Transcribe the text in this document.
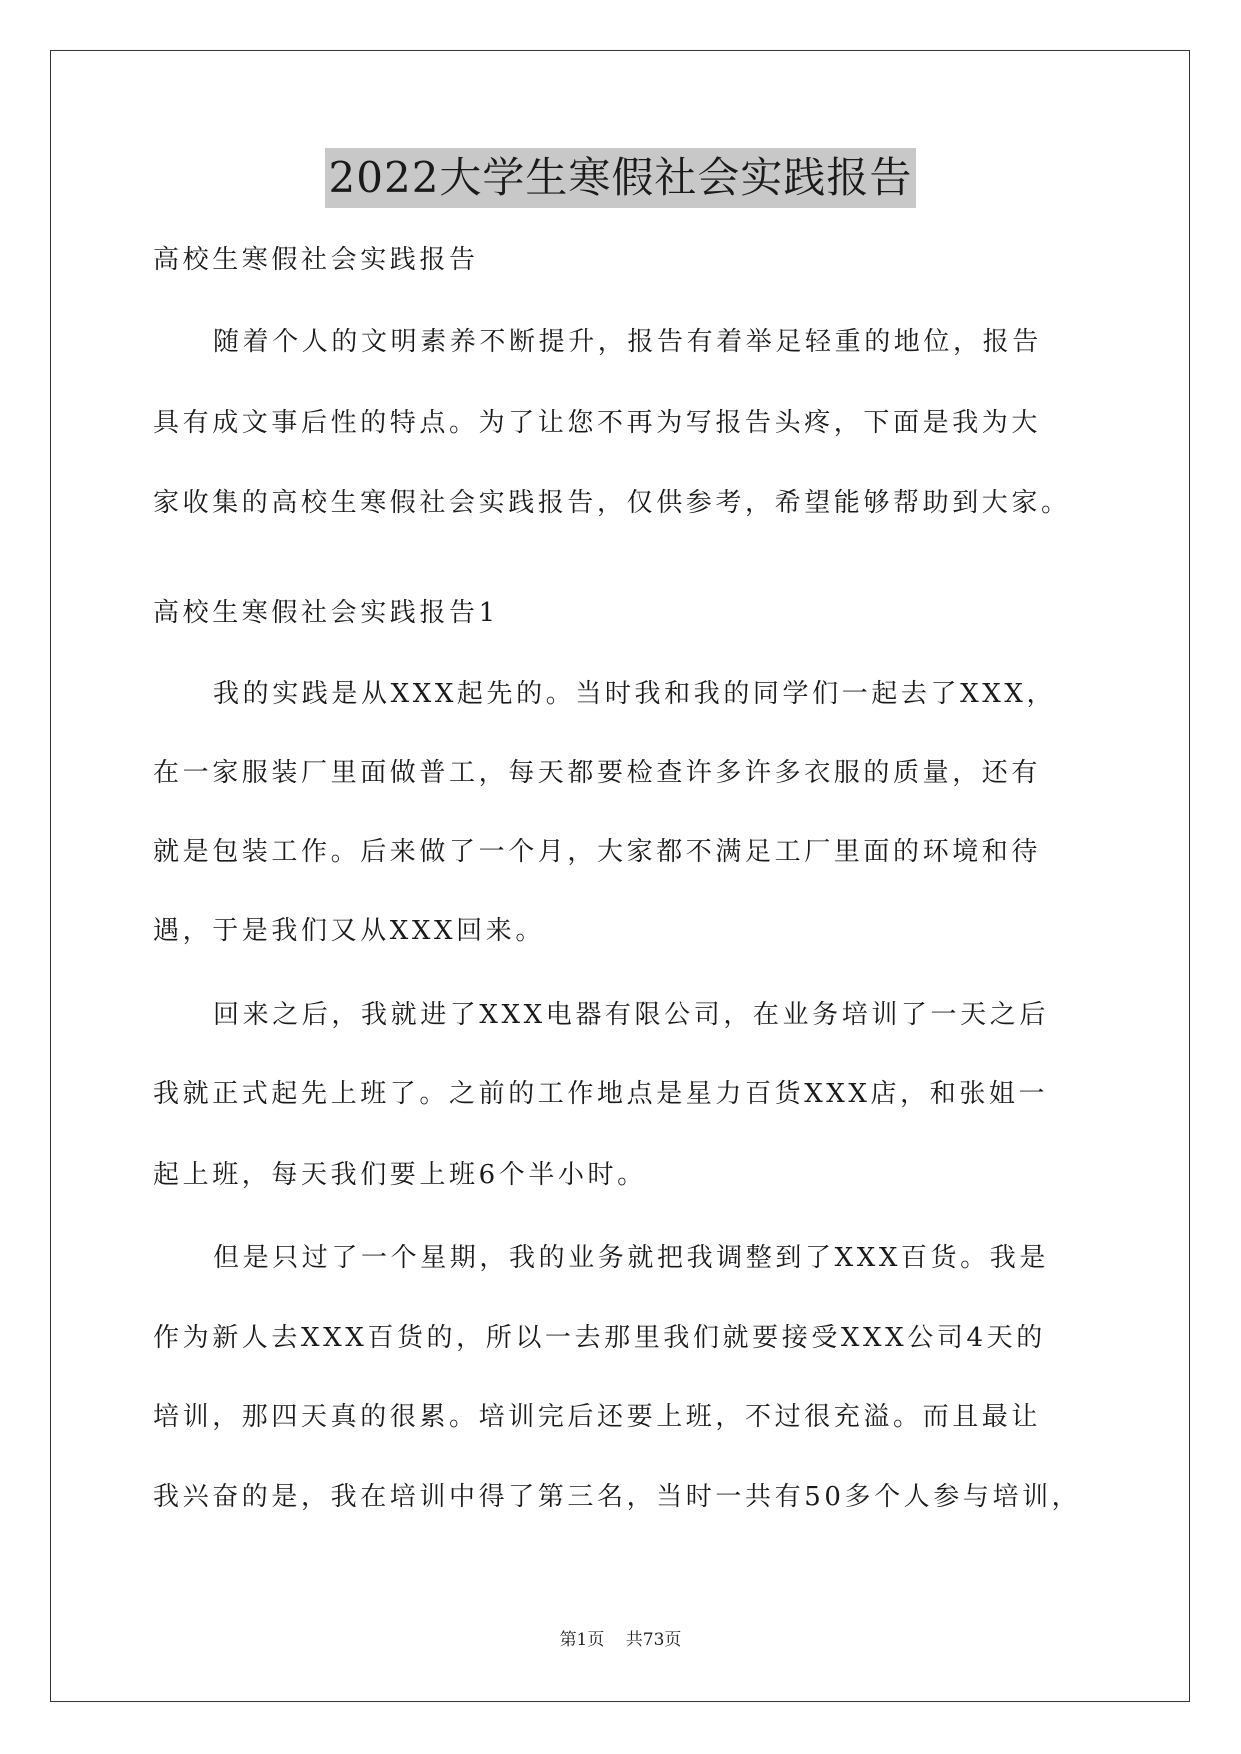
2022大学生寒假社会实践报告
高校生寒假社会实践报告
随着个人的文明素养不断提升，报告有着举足轻重的地位，报告
具有成文事后性的特点。为了让您不再为写报告头疼，下面是我为大
家收集的高校生寒假社会实践报告，仅供参考，希望能够帮助到大家。
高校生寒假社会实践报告1
我的实践是从XXX起先的。当时我和我的同学们一起去了XXX，
在一家服装厂里面做普工，每天都要检查许多许多衣服的质量，还有
就是包装工作。后来做了一个月，大家都不满足工厂里面的环境和待
遇，于是我们又从XXX回来。
回来之后，我就进了XXX电器有限公司，在业务培训了一天之后
我就正式起先上班了。之前的工作地点是星力百货XXX店，和张姐一
起上班，每天我们要上班6个半小时。
但是只过了一个星期，我的业务就把我调整到了XXX百货。我是
作为新人去XXX百货的，所以一去那里我们就要接受XXX公司4天的
培训，那四天真的很累。培训完后还要上班，不过很充溢。而且最让
我兴奋的是，我在培训中得了第三名，当时一共有50多个人参与培训，
第1页 共73页
